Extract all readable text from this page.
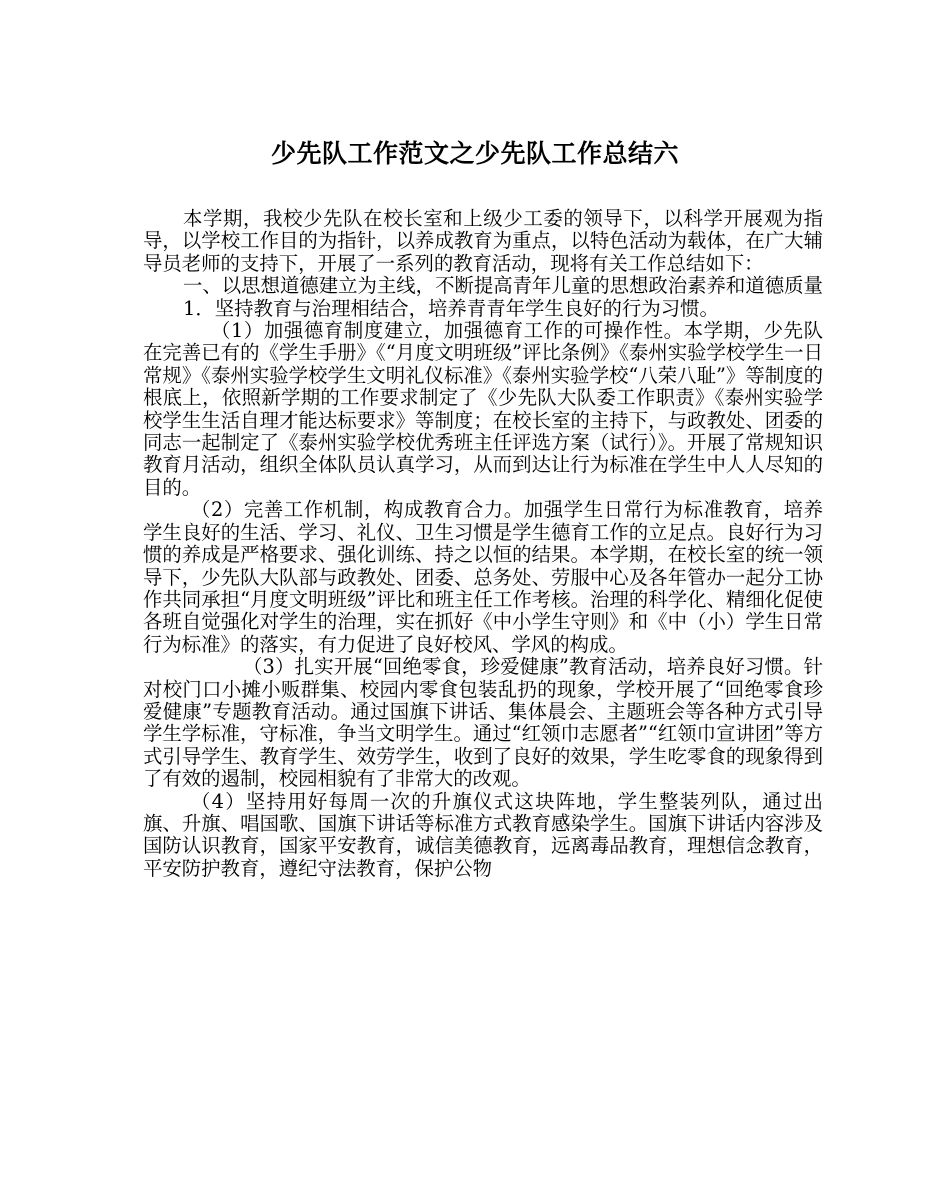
少先队工作范文之少先队工作总结六

本学期，我校少先队在校长室和上级少工委的领导下，以科学开展观为指导，以学校工作目的为指针，以养成教育为重点，以特色活动为载体，在广大辅导员老师的支持下，开展了一系列的教育活动，现将有关工作总结如下：

一、以思想道德建立为主线，不断提高青年儿童的思想政治素养和道德质量

1．坚持教育与治理相结合，培养青青年学生良好的行为习惯。

（1）加强德育制度建立，加强德育工作的可操作性。本学期，少先队在完善已有的《学生手册》《“月度文明班级”评比条例》《泰州实验学校学生一日常规》《泰州实验学校学生文明礼仪标准》《泰州实验学校“八荣八耻”》等制度的根底上，依照新学期的工作要求制定了《少先队大队委工作职责》《泰州实验学校学生生活自理才能达标要求》等制度；在校长室的主持下，与政教处、团委的同志一起制定了《泰州实验学校优秀班主任评选方案（试行）》。开展了常规知识教育月活动，组织全体队员认真学习，从而到达让行为标准在学生中人人尽知的目的。

（2）完善工作机制，构成教育合力。加强学生日常行为标准教育，培养学生良好的生活、学习、礼仪、卫生习惯是学生德育工作的立足点。良好行为习惯的养成是严格要求、强化训练、持之以恒的结果。本学期，在校长室的统一领导下，少先队大队部与政教处、团委、总务处、劳服中心及各年管办一起分工协作共同承担“月度文明班级”评比和班主任工作考核。治理的科学化、精细化促使各班自觉强化对学生的治理，实在抓好《中小学生守则》和《中（小）学生日常行为标准》的落实，有力促进了良好校风、学风的构成。

（3）扎实开展“回绝零食，珍爱健康”教育活动，培养良好习惯。针对校门口小摊小贩群集、校园内零食包装乱扔的现象，学校开展了“回绝零食珍爱健康”专题教育活动。通过国旗下讲话、集体晨会、主题班会等各种方式引导学生学标准，守标准，争当文明学生。通过“红领巾志愿者”“红领巾宣讲团”等方式引导学生、教育学生、效劳学生，收到了良好的效果，学生吃零食的现象得到了有效的遏制，校园相貌有了非常大的改观。

（4）坚持用好每周一次的升旗仪式这块阵地，学生整装列队，通过出旗、升旗、唱国歌、国旗下讲话等标准方式教育感染学生。国旗下讲话内容涉及国防认识教育，国家平安教育，诚信美德教育，远离毒品教育，理想信念教育，平安防护教育，遵纪守法教育，保护公物
